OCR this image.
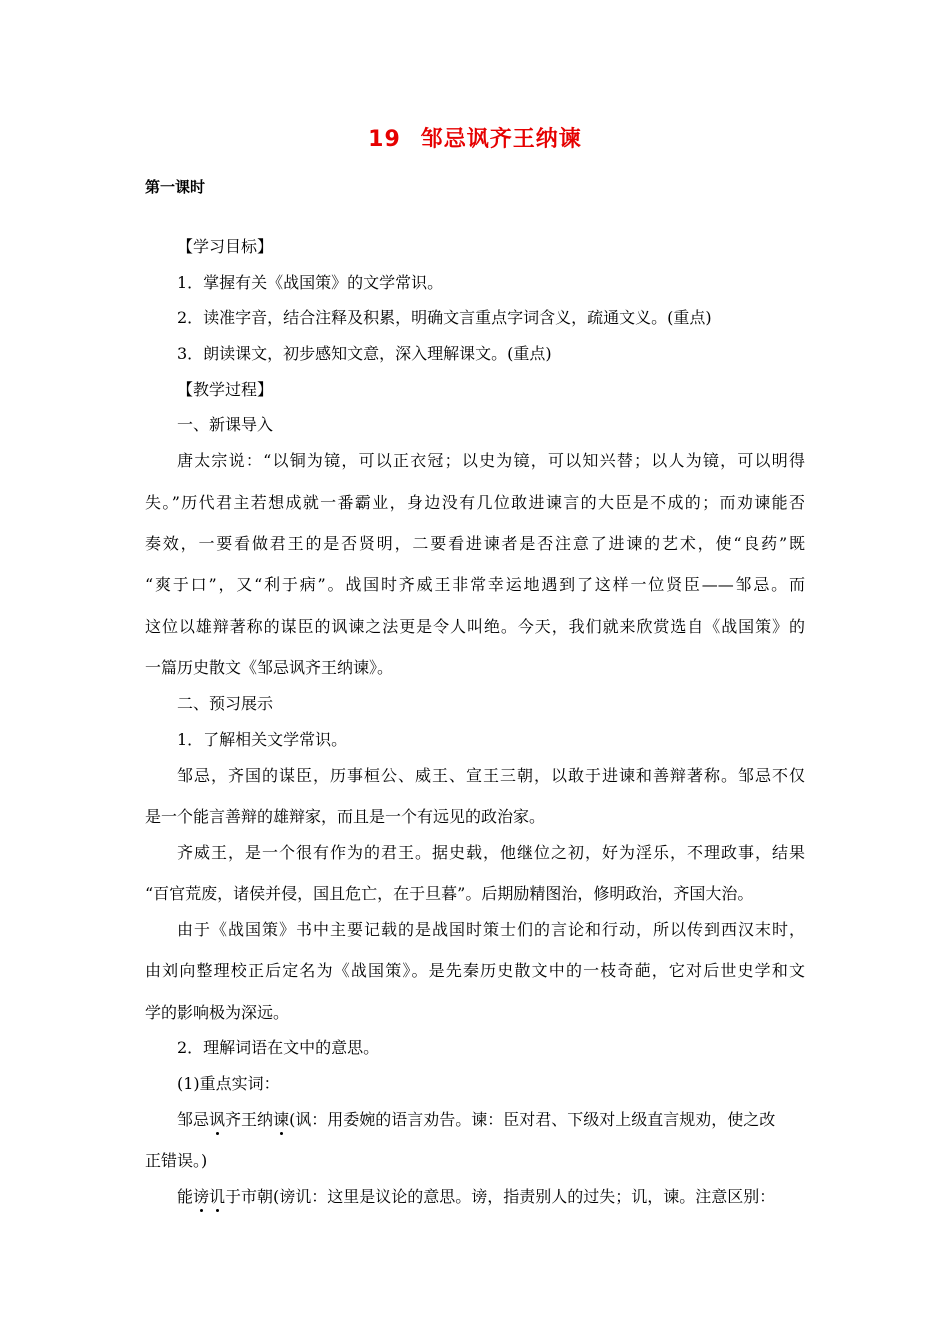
19 邹忌讽齐王纳谏
第一课时
【学习目标】
1．掌握有关《战国策》的文学常识。
2．读准字音，结合注释及积累，明确文言重点字词含义，疏通文义。(重点)
3．朗读课文，初步感知文意，深入理解课文。(重点)
【教学过程】
一、新课导入
唐太宗说：“以铜为镜，可以正衣冠；以史为镜，可以知兴替；以人为镜，可以明得
失。”历代君主若想成就一番霸业，身边没有几位敢进谏言的大臣是不成的；而劝谏能否
奏效，一要看做君王的是否贤明，二要看进谏者是否注意了进谏的艺术，使“良药”既
“爽于口”，又“利于病”。战国时齐威王非常幸运地遇到了这样一位贤臣——邹忌。而
这位以雄辩著称的谋臣的讽谏之法更是令人叫绝。今天，我们就来欣赏选自《战国策》的
一篇历史散文《邹忌讽齐王纳谏》。
二、预习展示
1．了解相关文学常识。
邹忌，齐国的谋臣，历事桓公、威王、宣王三朝，以敢于进谏和善辩著称。邹忌不仅
是一个能言善辩的雄辩家，而且是一个有远见的政治家。
齐威王，是一个很有作为的君王。据史载，他继位之初，好为淫乐，不理政事，结果
“百官荒废，诸侯并侵，国且危亡，在于旦暮”。后期励精图治，修明政治，齐国大治。
由于《战国策》书中主要记载的是战国时策士们的言论和行动，所以传到西汉末时，
由刘向整理校正后定名为《战国策》。是先秦历史散文中的一枝奇葩，它对后世史学和文
学的影响极为深远。
2．理解词语在文中的意思。
(1)重点实词：
邹忌讽齐王纳谏(讽：用委婉的语言劝告。谏：臣对君、下级对上级直言规劝，使之改
正错误。)
能谤讥于市朝(谤讥：这里是议论的意思。谤，指责别人的过失；讥，谏。注意区别：
